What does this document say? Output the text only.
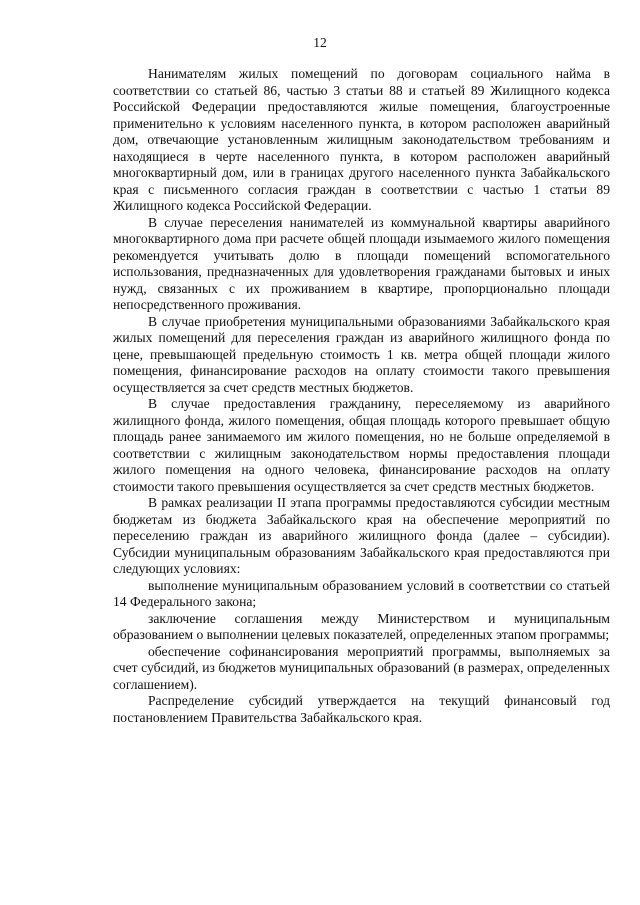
12

Нанимателям жилых помещений по договорам социального найма в соответствии со статьей 86, частью 3 статьи 88 и статьей 89 Жилищного кодекса Российской Федерации предоставляются жилые помещения, благоустроенные применительно к условиям населенного пункта, в котором расположен аварийный дом, отвечающие установленным жилищным законодательством требованиям и находящиеся в черте населенного пункта, в котором расположен аварийный многоквартирный дом, или в границах другого населенного пункта Забайкальского края с письменного согласия граждан в соответствии с частью 1 статьи 89 Жилищного кодекса Российской Федерации.

В случае переселения нанимателей из коммунальной квартиры аварийного многоквартирного дома при расчете общей площади изымаемого жилого помещения рекомендуется учитывать долю в площади помещений вспомогательного использования, предназначенных для удовлетворения гражданами бытовых и иных нужд, связанных с их проживанием в квартире, пропорционально площади непосредственного проживания.

В случае приобретения муниципальными образованиями Забайкальского края жилых помещений для переселения граждан из аварийного жилищного фонда по цене, превышающей предельную стоимость 1 кв. метра общей площади жилого помещения, финансирование расходов на оплату стоимости такого превышения осуществляется за счет средств местных бюджетов.

В случае предоставления гражданину, переселяемому из аварийного жилищного фонда, жилого помещения, общая площадь которого превышает общую площадь ранее занимаемого им жилого помещения, но не больше определяемой в соответствии с жилищным законодательством нормы предоставления площади жилого помещения на одного человека, финансирование расходов на оплату стоимости такого превышения осуществляется за счет средств местных бюджетов.

В рамках реализации II этапа программы предоставляются субсидии местным бюджетам из бюджета Забайкальского края на обеспечение мероприятий по переселению граждан из аварийного жилищного фонда (далее – субсидии). Субсидии муниципальным образованиям Забайкальского края предоставляются при следующих условиях:

выполнение муниципальным образованием условий в соответствии со статьей 14 Федерального закона;

заключение соглашения между Министерством и муниципальным образованием о выполнении целевых показателей, определенных этапом программы;

обеспечение софинансирования мероприятий программы, выполняемых за счет субсидий, из бюджетов муниципальных образований (в размерах, определенных соглашением).

Распределение субсидий утверждается на текущий финансовый год постановлением Правительства Забайкальского края.
